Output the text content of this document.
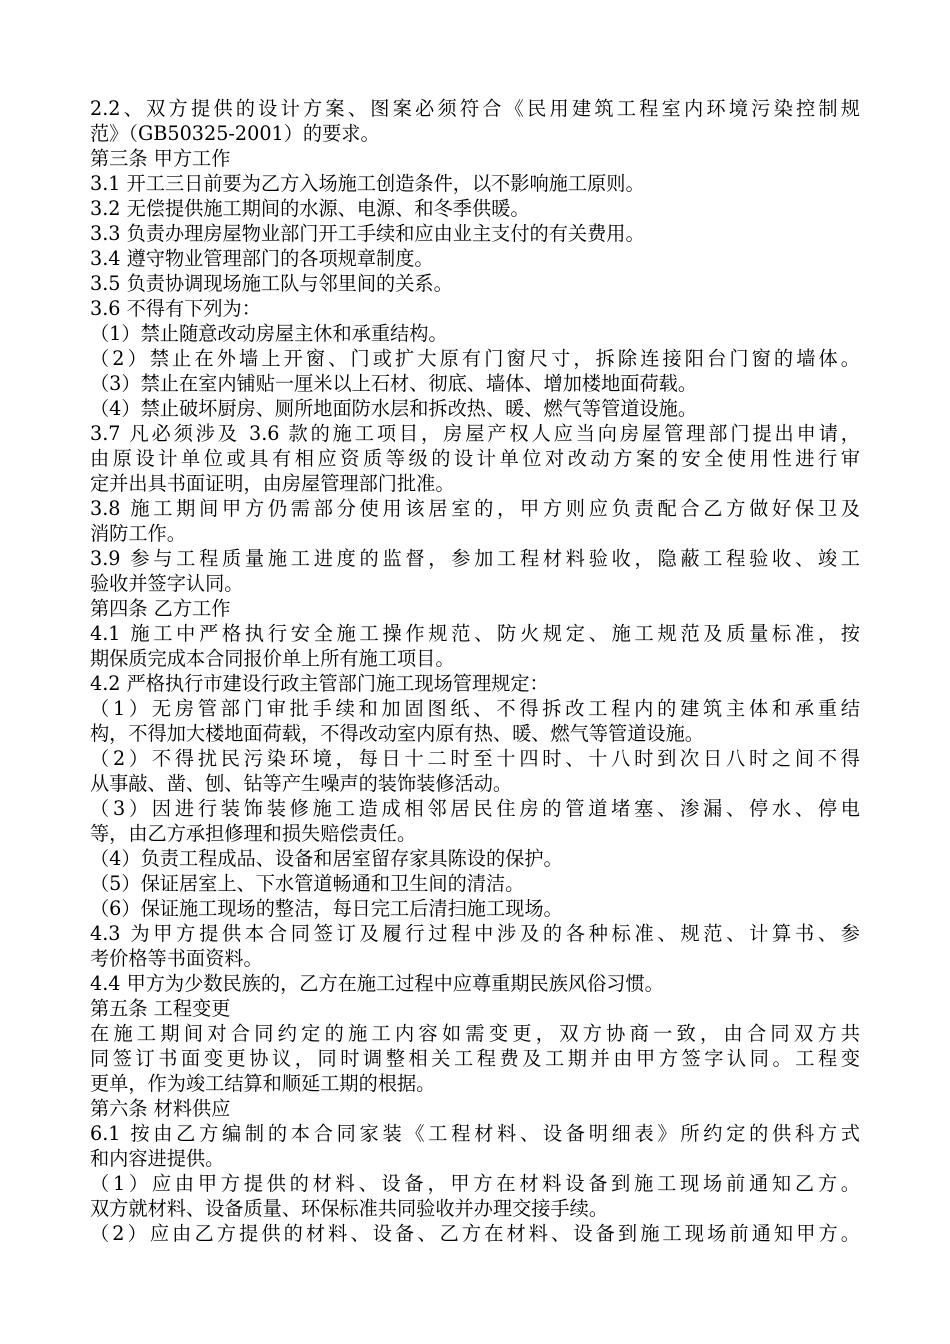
2.2、双方提供的设计方案、图案必须符合《民用建筑工程室内环境污染控制规
范》（GB50325-2001）的要求。
第三条 甲方工作
3.1 开工三日前要为乙方入场施工创造条件，以不影响施工原则。
3.2 无偿提供施工期间的水源、电源、和冬季供暖。
3.3 负责办理房屋物业部门开工手续和应由业主支付的有关费用。
3.4 遵守物业管理部门的各项规章制度。
3.5 负责协调现场施工队与邻里间的关系。
3.6 不得有下列为：
（1）禁止随意改动房屋主休和承重结构。
（2）禁止在外墙上开窗、门或扩大原有门窗尺寸，拆除连接阳台门窗的墙体。
（3）禁止在室内铺贴一厘米以上石材、彻底、墙体、增加楼地面荷载。
（4）禁止破坏厨房、厕所地面防水层和拆改热、暖、燃气等管道设施。
3.7 凡必须涉及 3.6 款的施工项目，房屋产权人应当向房屋管理部门提出申请，
由原设计单位或具有相应资质等级的设计单位对改动方案的安全使用性进行审
定并出具书面证明，由房屋管理部门批准。
3.8 施工期间甲方仍需部分使用该居室的，甲方则应负责配合乙方做好保卫及
消防工作。
3.9 参与工程质量施工进度的监督，参加工程材料验收，隐蔽工程验收、竣工
验收并签字认同。
第四条 乙方工作
4.1 施工中严格执行安全施工操作规范、防火规定、施工规范及质量标准，按
期保质完成本合同报价单上所有施工项目。
4.2 严格执行市建设行政主管部门施工现场管理规定：
（1）无房管部门审批手续和加固图纸、不得拆改工程内的建筑主体和承重结
构，不得加大楼地面荷载，不得改动室内原有热、暖、燃气等管道设施。
（2）不得扰民污染环境，每日十二时至十四时、十八时到次日八时之间不得
从事敲、凿、刨、钻等产生噪声的装饰装修活动。
（3）因进行装饰装修施工造成相邻居民住房的管道堵塞、渗漏、停水、停电
等，由乙方承担修理和损失赔偿责任。
（4）负责工程成品、设备和居室留存家具陈设的保护。
（5）保证居室上、下水管道畅通和卫生间的清洁。
（6）保证施工现场的整洁，每日完工后清扫施工现场。
4.3 为甲方提供本合同签订及履行过程中涉及的各种标准、规范、计算书、参
考价格等书面资料。
4.4 甲方为少数民族的，乙方在施工过程中应尊重期民族风俗习惯。
第五条 工程变更
在施工期间对合同约定的施工内容如需变更，双方协商一致，由合同双方共
同签订书面变更协议，同时调整相关工程费及工期并由甲方签字认同。工程变
更单，作为竣工结算和顺延工期的根据。
第六条 材料供应
6.1 按由乙方编制的本合同家装《工程材料、设备明细表》所约定的供科方式
和内容进提供。
（1）应由甲方提供的材料、设备，甲方在材料设备到施工现场前通知乙方。
双方就材料、设备质量、环保标准共同验收并办理交接手续。
（2）应由乙方提供的材料、设备、乙方在材料、设备到施工现场前通知甲方。
